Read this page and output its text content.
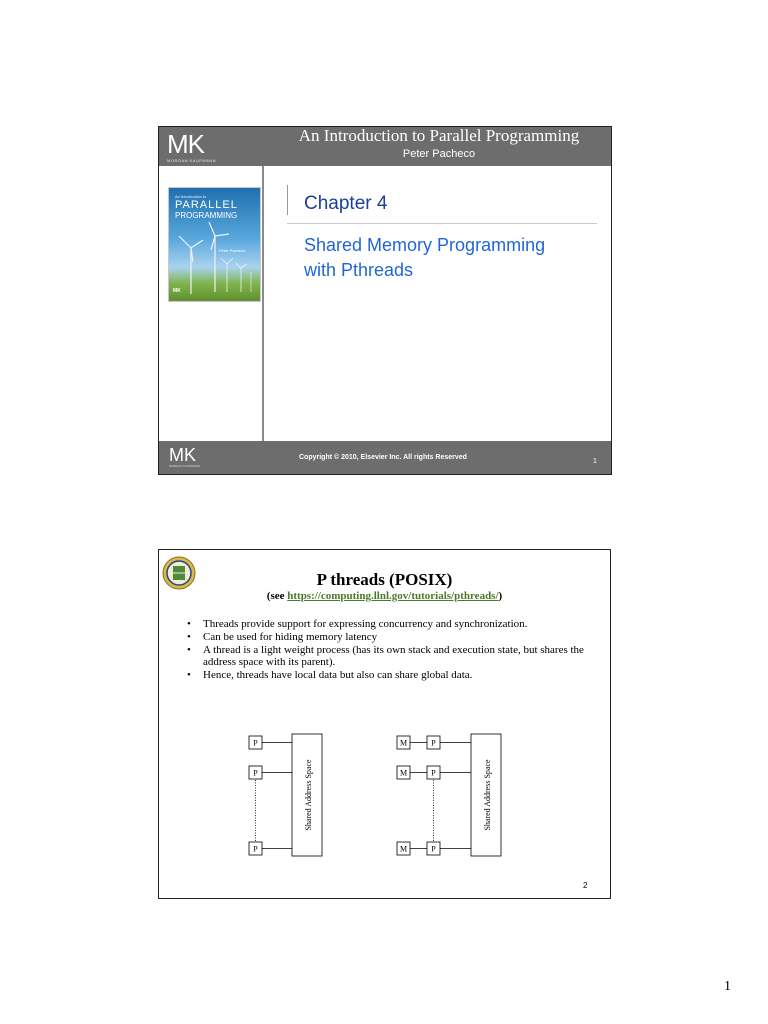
MK
MORGAN KAUFMANN
An Introduction to Parallel Programming
Peter Pacheco
An Introduction to
PARALLEL
PROGRAMMING
Peter Pacheco
MK
Chapter 4
Shared Memory Programming
with Pthreads
MK
MORGAN KAUFMANN
Copyright © 2010, Elsevier Inc. All rights Reserved
1
P threads (POSIX)
(see https://computing.llnl.gov/tutorials/pthreads/)
• Threads provide support for expressing concurrency and synchronization.
• Can be used for hiding memory latency
• A thread is a light weight process (has its own stack and execution state, but shares the address space with its parent).
• Hence, threads have local data but also can share global data.
P
P
P
Shared Address Space
M	P
M	P
M	P
Shared Address Space
2
1
